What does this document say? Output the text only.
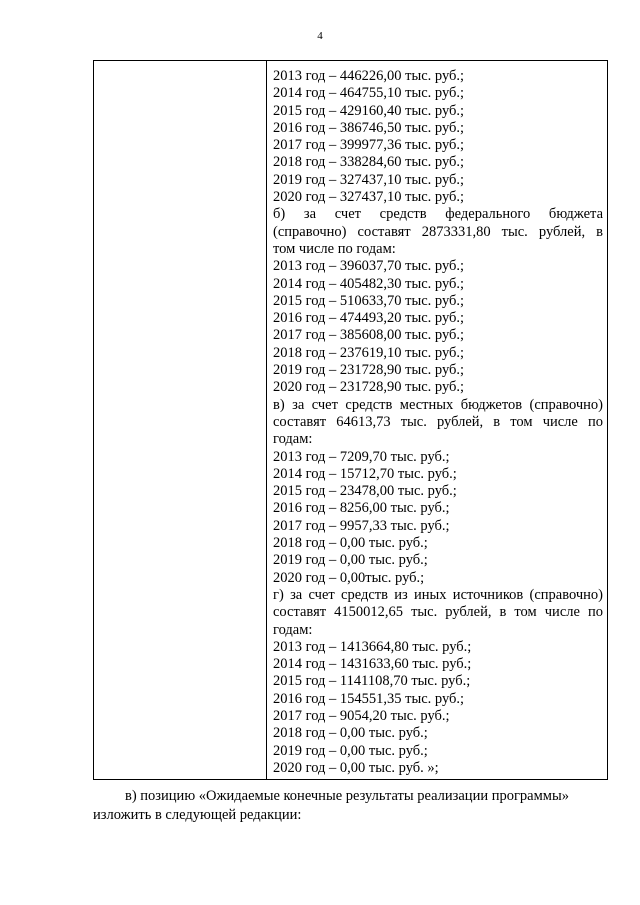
4
2013 год – 446226,00 тыс. руб.;
2014 год – 464755,10 тыс. руб.;
2015 год – 429160,40 тыс. руб.;
2016 год – 386746,50 тыс. руб.;
2017 год – 399977,36 тыс. руб.;
2018 год – 338284,60 тыс. руб.;
2019 год – 327437,10 тыс. руб.;
2020 год – 327437,10 тыс. руб.;
б) за счет средств федерального бюджета
(справочно) составят 2873331,80 тыс. рублей, в
том числе по годам:
2013 год – 396037,70 тыс. руб.;
2014 год – 405482,30 тыс. руб.;
2015 год – 510633,70 тыс. руб.;
2016 год – 474493,20 тыс. руб.;
2017 год – 385608,00 тыс. руб.;
2018 год – 237619,10 тыс. руб.;
2019 год – 231728,90 тыс. руб.;
2020 год – 231728,90 тыс. руб.;
в) за счет средств местных бюджетов (справочно)
составят 64613,73 тыс. рублей, в том числе по
годам:
2013 год – 7209,70 тыс. руб.;
2014 год – 15712,70 тыс. руб.;
2015 год – 23478,00 тыс. руб.;
2016 год – 8256,00 тыс. руб.;
2017 год – 9957,33 тыс. руб.;
2018 год – 0,00 тыс. руб.;
2019 год – 0,00 тыс. руб.;
2020 год – 0,00тыс. руб.;
г) за счет средств из иных источников (справочно)
составят 4150012,65 тыс. рублей, в том числе по
годам:
2013 год – 1413664,80 тыс. руб.;
2014 год – 1431633,60 тыс. руб.;
2015 год – 1141108,70 тыс. руб.;
2016 год – 154551,35 тыс. руб.;
2017 год – 9054,20 тыс. руб.;
2018 год – 0,00 тыс. руб.;
2019 год – 0,00 тыс. руб.;
2020 год – 0,00 тыс. руб. »;
в) позицию «Ожидаемые конечные результаты реализации программы»
изложить в следующей редакции:
